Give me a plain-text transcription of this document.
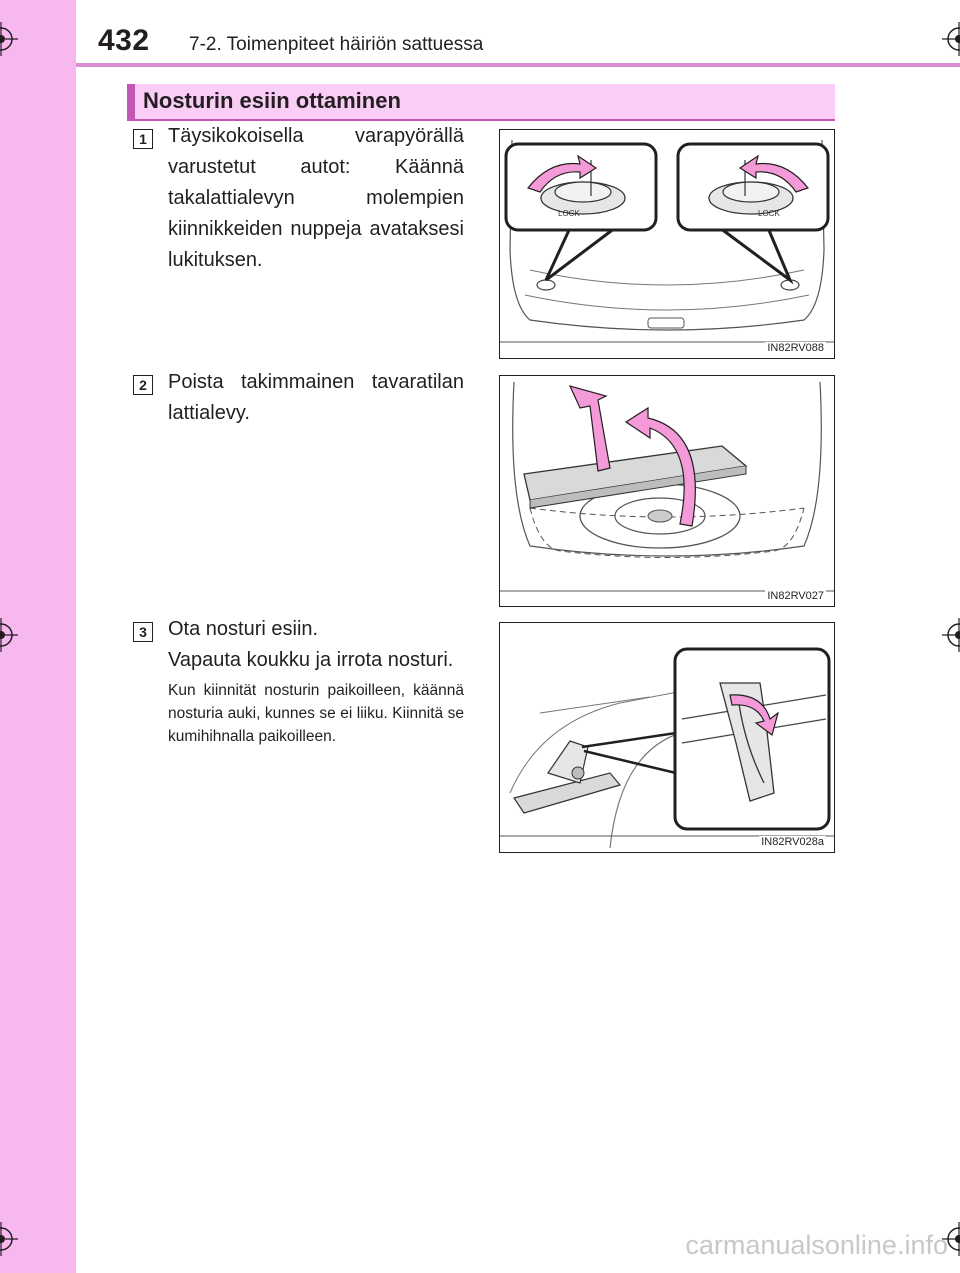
432 7-2. Toimenpiteet häiriön sattuessa
Nosturin esiin ottaminen
1	Täysikokoisella varapyörällä varustetut autot: Käännä takalattialevyn molempien kiinnikkeiden nuppeja avataksesi lukituksen.
LOCK	LOCK
IN82RV088
2	Poista takimmainen tavaratilan lattialevy.
IN82RV027
3	Ota nosturi esiin.
Vapauta koukku ja irrota nosturi.
Kun kiinnität nosturin paikoilleen, käännä nosturia auki, kunnes se ei liiku. Kiinnitä se kumihihnalla paikoilleen.
IN82RV028a
carmanualsonline.info
